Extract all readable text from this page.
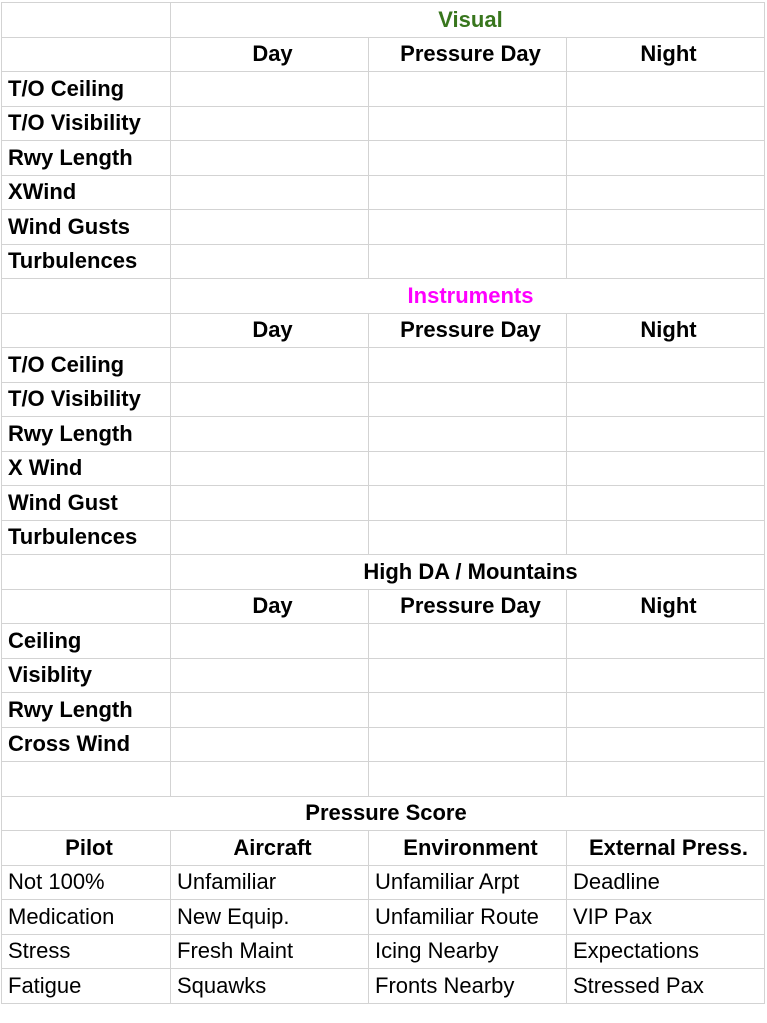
	Visual		
	Day	Pressure Day	Night
T/O Ceiling			
T/O Visibility			
Rwy Length			
XWind			
Wind Gusts			
Turbulences			
	Instruments		
	Day	Pressure Day	Night
T/O Ceiling			
T/O Visibility			
Rwy Length			
X Wind			
Wind Gust			
Turbulences			
	High DA / Mountains		
	Day	Pressure Day	Night
Ceiling			
Visiblity			
Rwy Length			
Cross Wind			

Pressure Score			
Pilot	Aircraft	Environment	External Press.
Not 100%	Unfamiliar	Unfamiliar Arpt	Deadline
Medication	New Equip.	Unfamiliar Route	VIP Pax
Stress	Fresh Maint	Icing Nearby	Expectations
Fatigue	Squawks	Fronts Nearby	Stressed Pax
